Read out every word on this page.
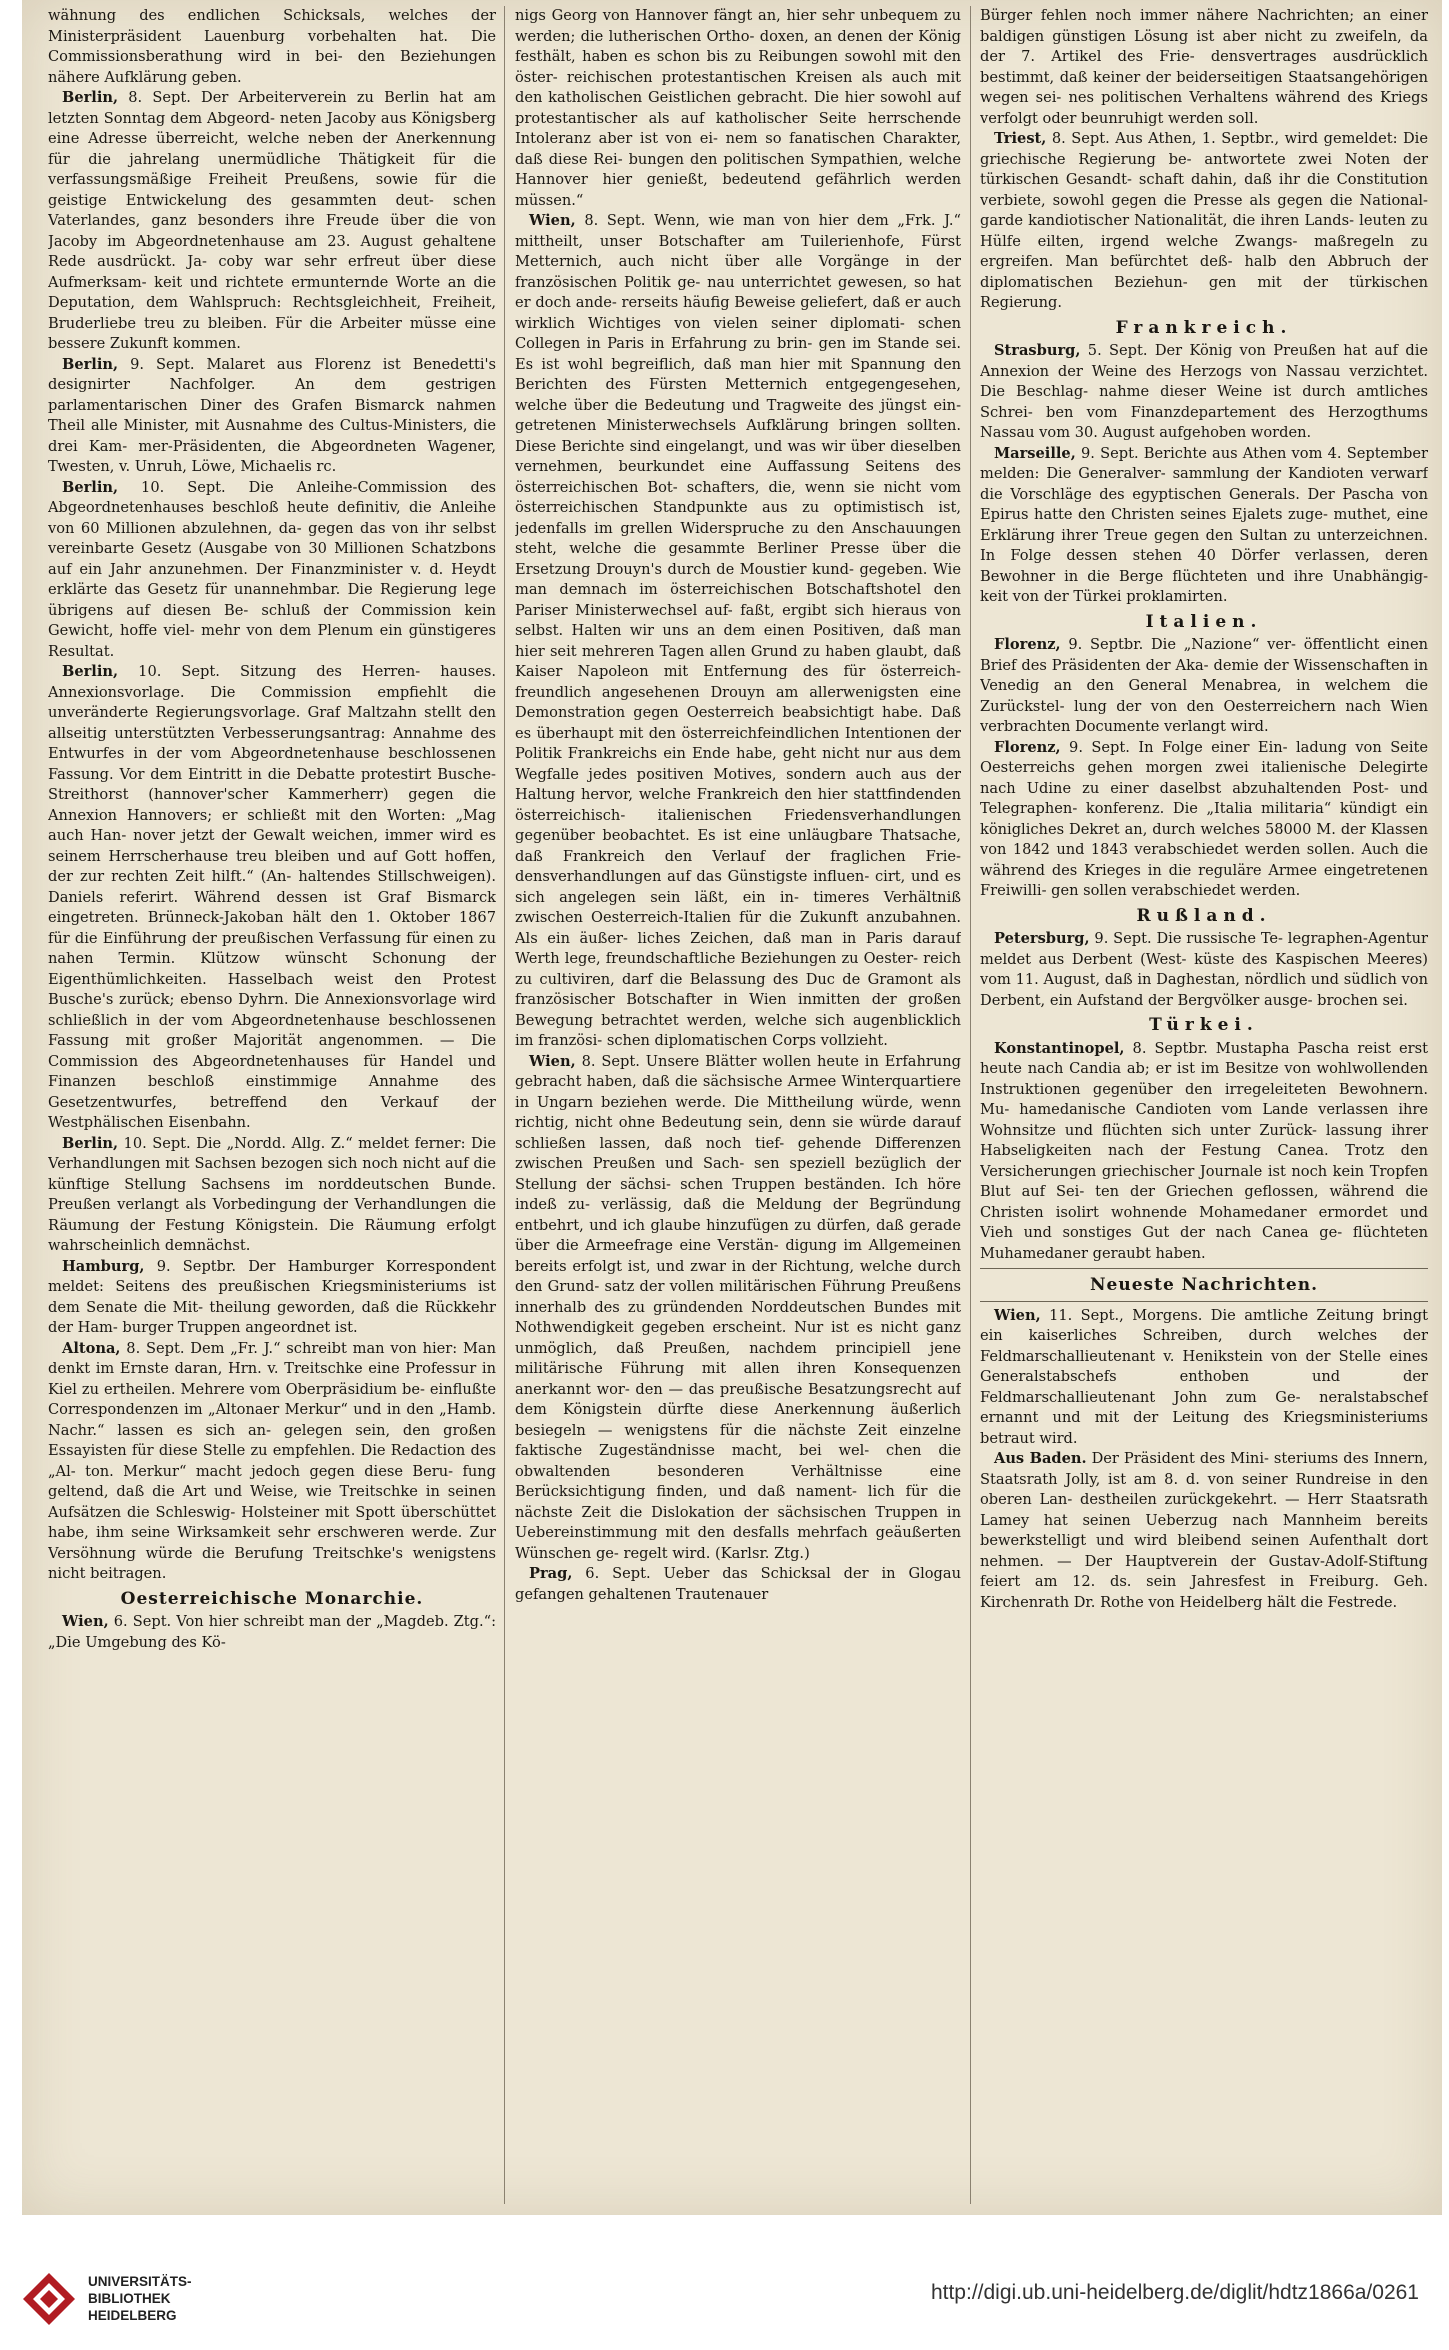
wähnung des endlichen Schicksals, welches der Ministerpräsident Lauenburg vorbehalten hat. Die Commissionsberathung wird in bei- den Beziehungen nähere Aufklärung geben.

Berlin, 8. Sept. Der Arbeiterverein zu Berlin hat am letzten Sonntag dem Abgeord- neten Jacoby aus Königsberg eine Adresse überreicht, welche neben der Anerkennung für die jahrelang unermüdliche Thätigkeit für die verfassungsmäßige Freiheit Preußens, sowie für die geistige Entwickelung des gesammten deut- schen Vaterlandes, ganz besonders ihre Freude über die von Jacoby im Abgeordnetenhause am 23. August gehaltene Rede ausdrückt. Ja- coby war sehr erfreut über diese Aufmerksam- keit und richtete ermunternde Worte an die Deputation, dem Wahlspruch: Rechtsgleichheit, Freiheit, Bruderliebe treu zu bleiben. Für die Arbeiter müsse eine bessere Zukunft kommen.

Berlin, 9. Sept. Malaret aus Florenz ist Benedetti's designirter Nachfolger. An dem gestrigen parlamentarischen Diner des Grafen Bismarck nahmen Theil alle Minister, mit Ausnahme des Cultus-Ministers, die drei Kam- mer-Präsidenten, die Abgeordneten Wagener, Twesten, v. Unruh, Löwe, Michaelis rc.

Berlin, 10. Sept. Die Anleihe-Commission des Abgeordnetenhauses beschloß heute definitiv, die Anleihe von 60 Millionen abzulehnen, da- gegen das von ihr selbst vereinbarte Gesetz (Ausgabe von 30 Millionen Schatzbons auf ein Jahr anzunehmen. Der Finanzminister v. d. Heydt erklärte das Gesetz für unannehmbar. Die Regierung lege übrigens auf diesen Be- schluß der Commission kein Gewicht, hoffe viel- mehr von dem Plenum ein günstigeres Resultat.

Berlin, 10. Sept. Sitzung des Herren- hauses. Annexionsvorlage. Die Commission empfiehlt die unveränderte Regierungsvorlage. Graf Maltzahn stellt den allseitig unterstützten Verbesserungsantrag: Annahme des Entwurfes in der vom Abgeordnetenhause beschlossenen Fassung. Vor dem Eintritt in die Debatte protestirt Busche-Streithorst (hannover'scher Kammerherr) gegen die Annexion Hannovers; er schließt mit den Worten: „Mag auch Han- nover jetzt der Gewalt weichen, immer wird es seinem Herrscherhause treu bleiben und auf Gott hoffen, der zur rechten Zeit hilft.“ (An- haltendes Stillschweigen). Daniels referirt. Während dessen ist Graf Bismarck eingetreten. Brünneck-Jakoban hält den 1. Oktober 1867 für die Einführung der preußischen Verfassung für einen zu nahen Termin. Klützow wünscht Schonung der Eigenthümlichkeiten. Hasselbach weist den Protest Busche's zurück; ebenso Dyhrn. Die Annexionsvorlage wird schließlich in der vom Abgeordnetenhause beschlossenen Fassung mit großer Majorität angenommen. — Die Commission des Abgeordnetenhauses für Handel und Finanzen beschloß einstimmige Annahme des Gesetzentwurfes, betreffend den Verkauf der Westphälischen Eisenbahn.

Berlin, 10. Sept. Die „Nordd. Allg. Z.“ meldet ferner: Die Verhandlungen mit Sachsen bezogen sich noch nicht auf die künftige Stellung Sachsens im norddeutschen Bunde. Preußen verlangt als Vorbedingung der Verhandlungen die Räumung der Festung Königstein. Die Räumung erfolgt wahrscheinlich demnächst.

Hamburg, 9. Septbr. Der Hamburger Korrespondent meldet: Seitens des preußischen Kriegsministeriums ist dem Senate die Mit- theilung geworden, daß die Rückkehr der Ham- burger Truppen angeordnet ist.

Altona, 8. Sept. Dem „Fr. J.“ schreibt man von hier: Man denkt im Ernste daran, Hrn. v. Treitschke eine Professur in Kiel zu ertheilen. Mehrere vom Oberpräsidium be- einflußte Correspondenzen im „Altonaer Merkur“ und in den „Hamb. Nachr.“ lassen es sich an- gelegen sein, den großen Essayisten für diese Stelle zu empfehlen. Die Redaction des „Al- ton. Merkur“ macht jedoch gegen diese Beru- fung geltend, daß die Art und Weise, wie Treitschke in seinen Aufsätzen die Schleswig- Holsteiner mit Spott überschüttet habe, ihm seine Wirksamkeit sehr erschweren werde. Zur Versöhnung würde die Berufung Treitschke's wenigstens nicht beitragen.

Oesterreichische Monarchie.

Wien, 6. Sept. Von hier schreibt man der „Magdeb. Ztg.“: „Die Umgebung des Kö-

nigs Georg von Hannover fängt an, hier sehr unbequem zu werden; die lutherischen Ortho- doxen, an denen der König festhält, haben es schon bis zu Reibungen sowohl mit den öster- reichischen protestantischen Kreisen als auch mit den katholischen Geistlichen gebracht. Die hier sowohl auf protestantischer als auf katholischer Seite herrschende Intoleranz aber ist von ei- nem so fanatischen Charakter, daß diese Rei- bungen den politischen Sympathien, welche Hannover hier genießt, bedeutend gefährlich werden müssen.“

Wien, 8. Sept. Wenn, wie man von hier dem „Frk. J.“ mittheilt, unser Botschafter am Tuilerienhofe, Fürst Metternich, auch nicht über alle Vorgänge in der französischen Politik ge- nau unterrichtet gewesen, so hat er doch ande- rerseits häufig Beweise geliefert, daß er auch wirklich Wichtiges von vielen seiner diplomati- schen Collegen in Paris in Erfahrung zu brin- gen im Stande sei. Es ist wohl begreiflich, daß man hier mit Spannung den Berichten des Fürsten Metternich entgegengesehen, welche über die Bedeutung und Tragweite des jüngst ein- getretenen Ministerwechsels Aufklärung bringen sollten. Diese Berichte sind eingelangt, und was wir über dieselben vernehmen, beurkundet eine Auffassung Seitens des österreichischen Bot- schafters, die, wenn sie nicht vom österreichischen Standpunkte aus zu optimistisch ist, jedenfalls im grellen Widerspruche zu den Anschauungen steht, welche die gesammte Berliner Presse über die Ersetzung Drouyn's durch de Moustier kund- gegeben. Wie man demnach im österreichischen Botschaftshotel den Pariser Ministerwechsel auf- faßt, ergibt sich hieraus von selbst. Halten wir uns an dem einen Positiven, daß man hier seit mehreren Tagen allen Grund zu haben glaubt, daß Kaiser Napoleon mit Entfernung des für österreich-freundlich angesehenen Drouyn am allerwenigsten eine Demonstration gegen Oesterreich beabsichtigt habe. Daß es überhaupt mit den österreichfeindlichen Intentionen der Politik Frankreichs ein Ende habe, geht nicht nur aus dem Wegfalle jedes positiven Motives, sondern auch aus der Haltung hervor, welche Frankreich den hier stattfindenden österreichisch- italienischen Friedensverhandlungen gegenüber beobachtet. Es ist eine unläugbare Thatsache, daß Frankreich den Verlauf der fraglichen Frie- densverhandlungen auf das Günstigste influen- cirt, und es sich angelegen sein läßt, ein in- timeres Verhältniß zwischen Oesterreich-Italien für die Zukunft anzubahnen. Als ein äußer- liches Zeichen, daß man in Paris darauf Werth lege, freundschaftliche Beziehungen zu Oester- reich zu cultiviren, darf die Belassung des Duc de Gramont als französischer Botschafter in Wien inmitten der großen Bewegung betrachtet werden, welche sich augenblicklich im französi- schen diplomatischen Corps vollzieht.

Wien, 8. Sept. Unsere Blätter wollen heute in Erfahrung gebracht haben, daß die sächsische Armee Winterquartiere in Ungarn beziehen werde. Die Mittheilung würde, wenn richtig, nicht ohne Bedeutung sein, denn sie würde darauf schließen lassen, daß noch tief- gehende Differenzen zwischen Preußen und Sach- sen speziell bezüglich der Stellung der sächsi- schen Truppen beständen. Ich höre indeß zu- verlässig, daß die Meldung der Begründung entbehrt, und ich glaube hinzufügen zu dürfen, daß gerade über die Armeefrage eine Verstän- digung im Allgemeinen bereits erfolgt ist, und zwar in der Richtung, welche durch den Grund- satz der vollen militärischen Führung Preußens innerhalb des zu gründenden Norddeutschen Bundes mit Nothwendigkeit gegeben erscheint. Nur ist es nicht ganz unmöglich, daß Preußen, nachdem principiell jene militärische Führung mit allen ihren Konsequenzen anerkannt wor- den — das preußische Besatzungsrecht auf dem Königstein dürfte diese Anerkennung äußerlich besiegeln — wenigstens für die nächste Zeit einzelne faktische Zugeständnisse macht, bei wel- chen die obwaltenden besonderen Verhältnisse eine Berücksichtigung finden, und daß nament- lich für die nächste Zeit die Dislokation der sächsischen Truppen in Uebereinstimmung mit den desfalls mehrfach geäußerten Wünschen ge- regelt wird. (Karlsr. Ztg.)

Prag, 6. Sept. Ueber das Schicksal der in Glogau gefangen gehaltenen Trautenauer

Bürger fehlen noch immer nähere Nachrichten; an einer baldigen günstigen Lösung ist aber nicht zu zweifeln, da der 7. Artikel des Frie- densvertrages ausdrücklich bestimmt, daß keiner der beiderseitigen Staatsangehörigen wegen sei- nes politischen Verhaltens während des Kriegs verfolgt oder beunruhigt werden soll.

Triest, 8. Sept. Aus Athen, 1. Septbr., wird gemeldet: Die griechische Regierung be- antwortete zwei Noten der türkischen Gesandt- schaft dahin, daß ihr die Constitution verbiete, sowohl gegen die Presse als gegen die National- garde kandiotischer Nationalität, die ihren Lands- leuten zu Hülfe eilten, irgend welche Zwangs- maßregeln zu ergreifen. Man befürchtet deß- halb den Abbruch der diplomatischen Beziehun- gen mit der türkischen Regierung.

Frankreich.

Strasburg, 5. Sept. Der König von Preußen hat auf die Annexion der Weine des Herzogs von Nassau verzichtet. Die Beschlag- nahme dieser Weine ist durch amtliches Schrei- ben vom Finanzdepartement des Herzogthums Nassau vom 30. August aufgehoben worden.

Marseille, 9. Sept. Berichte aus Athen vom 4. September melden: Die Generalver- sammlung der Kandioten verwarf die Vorschläge des egyptischen Generals. Der Pascha von Epirus hatte den Christen seines Ejalets zuge- muthet, eine Erklärung ihrer Treue gegen den Sultan zu unterzeichnen. In Folge dessen stehen 40 Dörfer verlassen, deren Bewohner in die Berge flüchteten und ihre Unabhängig- keit von der Türkei proklamirten.

Italien.

Florenz, 9. Septbr. Die „Nazione“ ver- öffentlicht einen Brief des Präsidenten der Aka- demie der Wissenschaften in Venedig an den General Menabrea, in welchem die Zurückstel- lung der von den Oesterreichern nach Wien verbrachten Documente verlangt wird.

Florenz, 9. Sept. In Folge einer Ein- ladung von Seite Oesterreichs gehen morgen zwei italienische Delegirte nach Udine zu einer daselbst abzuhaltenden Post- und Telegraphen- konferenz. Die „Italia militaria“ kündigt ein königliches Dekret an, durch welches 58000 M. der Klassen von 1842 und 1843 verabschiedet werden sollen. Auch die während des Krieges in die reguläre Armee eingetretenen Freiwilli- gen sollen verabschiedet werden.

Rußland.

Petersburg, 9. Sept. Die russische Te- legraphen-Agentur meldet aus Derbent (West- küste des Kaspischen Meeres) vom 11. August, daß in Daghestan, nördlich und südlich von Derbent, ein Aufstand der Bergvölker ausge- brochen sei.

Türkei.

Konstantinopel, 8. Septbr. Mustapha Pascha reist erst heute nach Candia ab; er ist im Besitze von wohlwollenden Instruktionen gegenüber den irregeleiteten Bewohnern. Mu- hamedanische Candioten vom Lande verlassen ihre Wohnsitze und flüchten sich unter Zurück- lassung ihrer Habseligkeiten nach der Festung Canea. Trotz den Versicherungen griechischer Journale ist noch kein Tropfen Blut auf Sei- ten der Griechen geflossen, während die Christen isolirt wohnende Mohamedaner ermordet und Vieh und sonstiges Gut der nach Canea ge- flüchteten Muhamedaner geraubt haben.

Neueste Nachrichten.

Wien, 11. Sept., Morgens. Die amtliche Zeitung bringt ein kaiserliches Schreiben, durch welches der Feldmarschallieutenant v. Henikstein von der Stelle eines Generalstabschefs enthoben und der Feldmarschallieutenant John zum Ge- neralstabschef ernannt und mit der Leitung des Kriegsministeriums betraut wird.

Aus Baden. Der Präsident des Mini- steriums des Innern, Staatsrath Jolly, ist am 8. d. von seiner Rundreise in den oberen Lan- destheilen zurückgekehrt. — Herr Staatsrath Lamey hat seinen Ueberzug nach Mannheim bereits bewerkstelligt und wird bleibend seinen Aufenthalt dort nehmen. — Der Hauptverein der Gustav-Adolf-Stiftung feiert am 12. ds. sein Jahresfest in Freiburg. Geh. Kirchenrath Dr. Rothe von Heidelberg hält die Festrede.

UNIVERSITÄTS-
BIBLIOTHEK
HEIDELBERG
http://digi.ub.uni-heidelberg.de/diglit/hdtz1866a/0261
